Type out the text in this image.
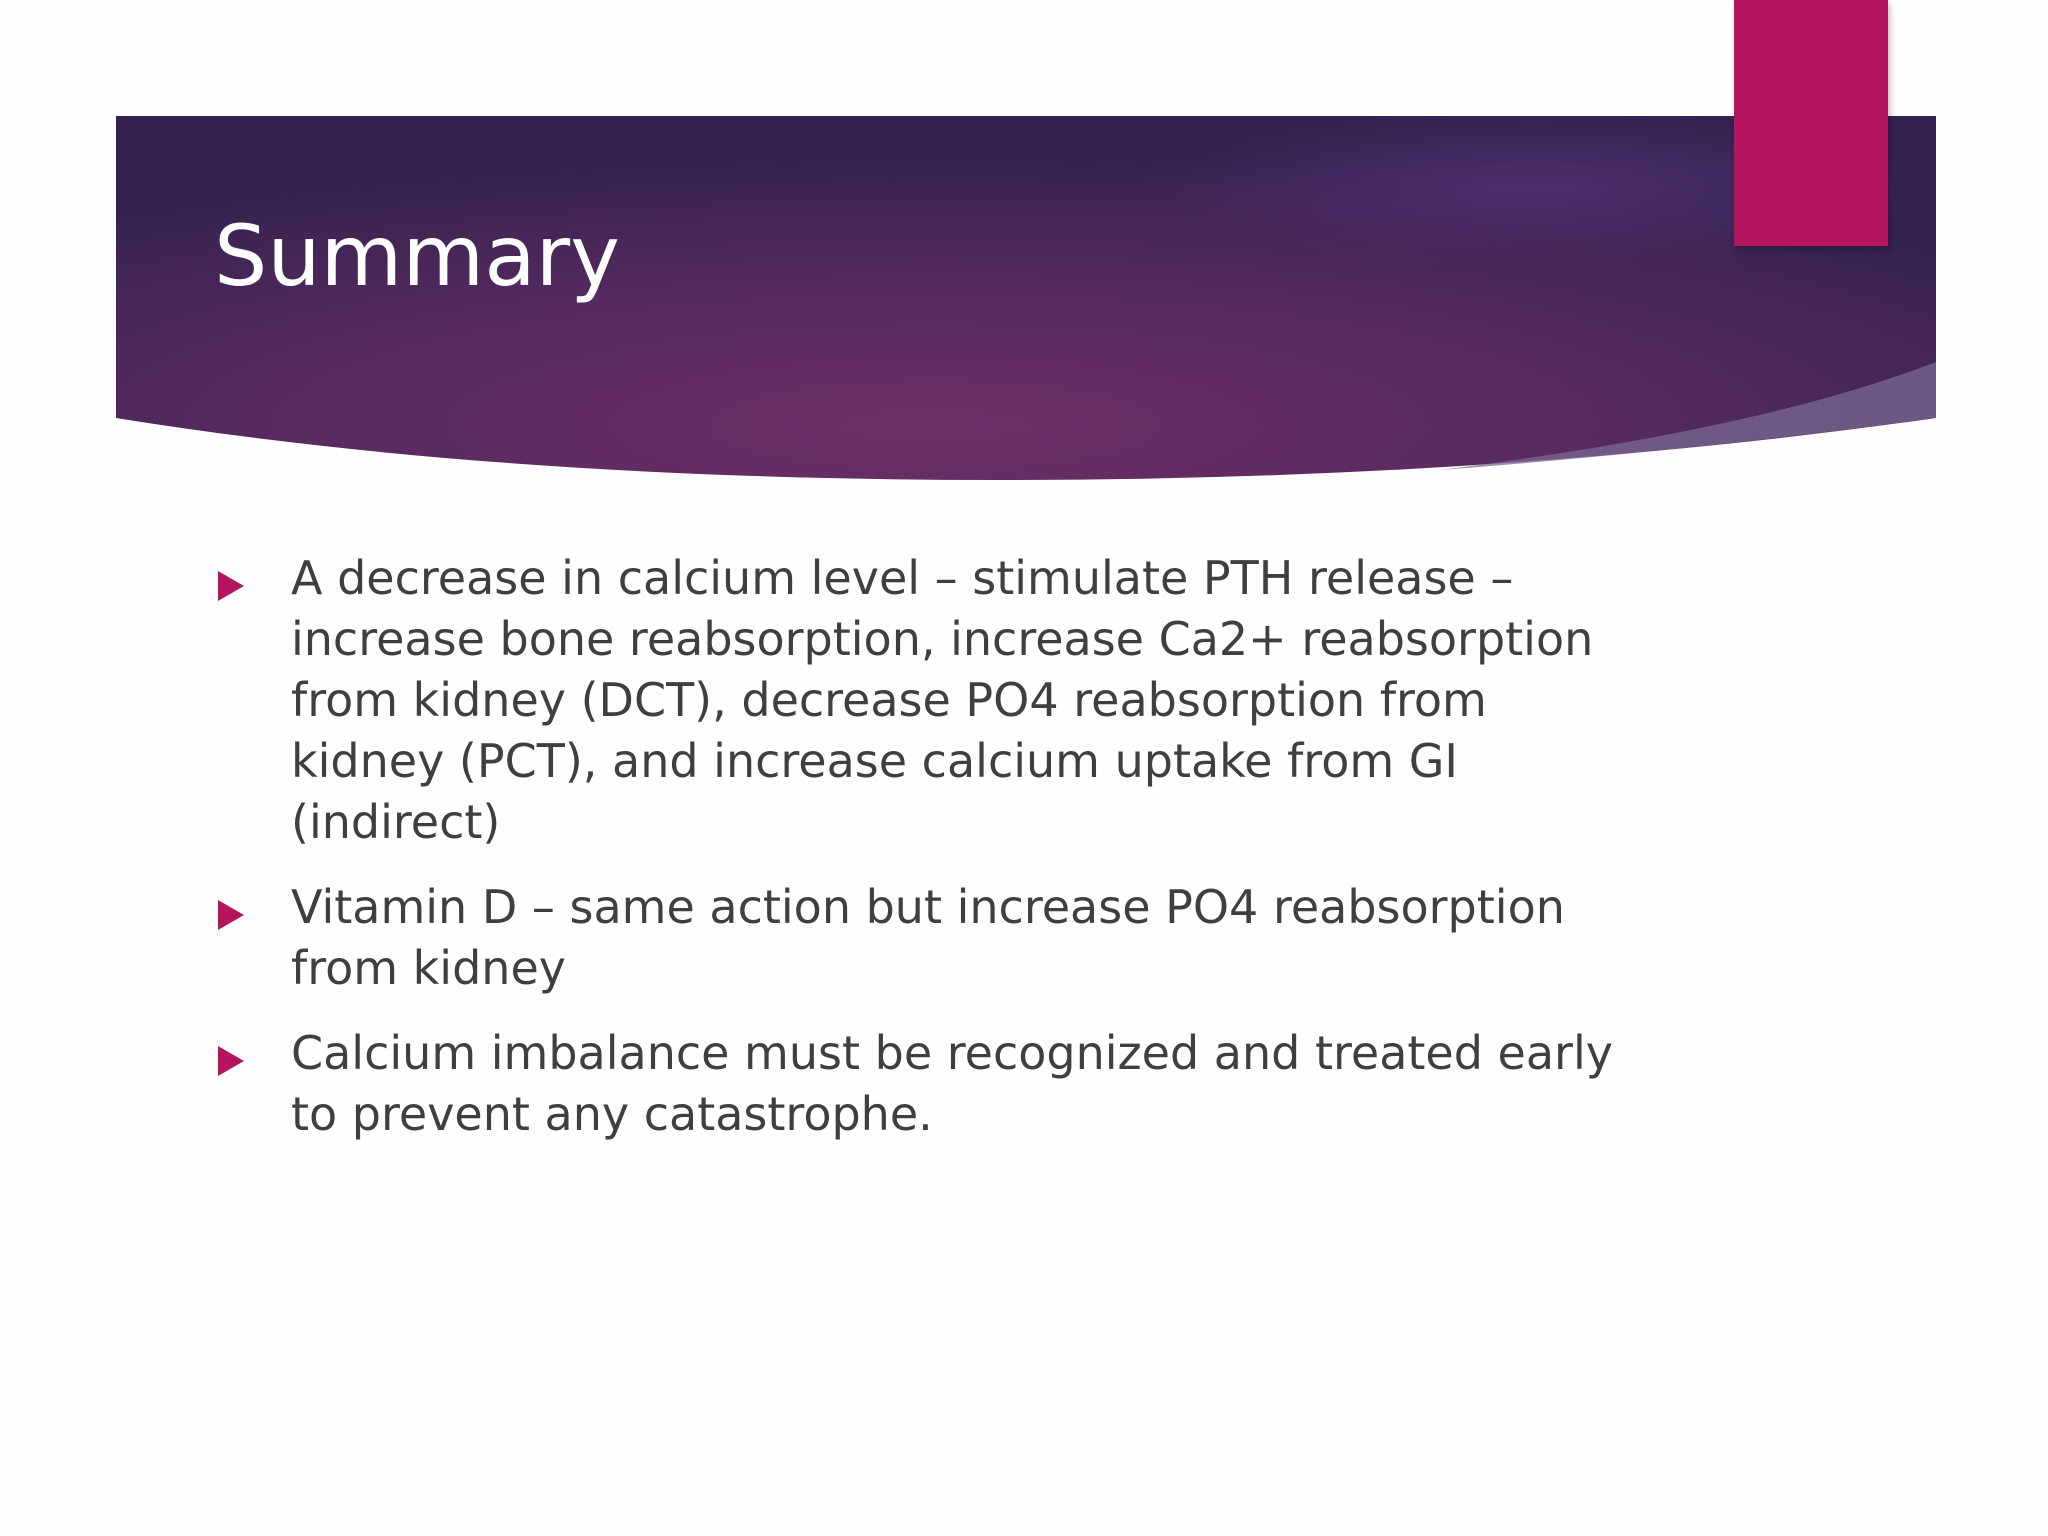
Summary
A decrease in calcium level – stimulate PTH release – increase bone reabsorption, increase Ca2+ reabsorption from kidney (DCT), decrease PO4 reabsorption from kidney (PCT), and increase calcium uptake from GI (indirect)
Vitamin D – same action but increase PO4 reabsorption from kidney
Calcium imbalance must be recognized and treated early to prevent any catastrophe.
